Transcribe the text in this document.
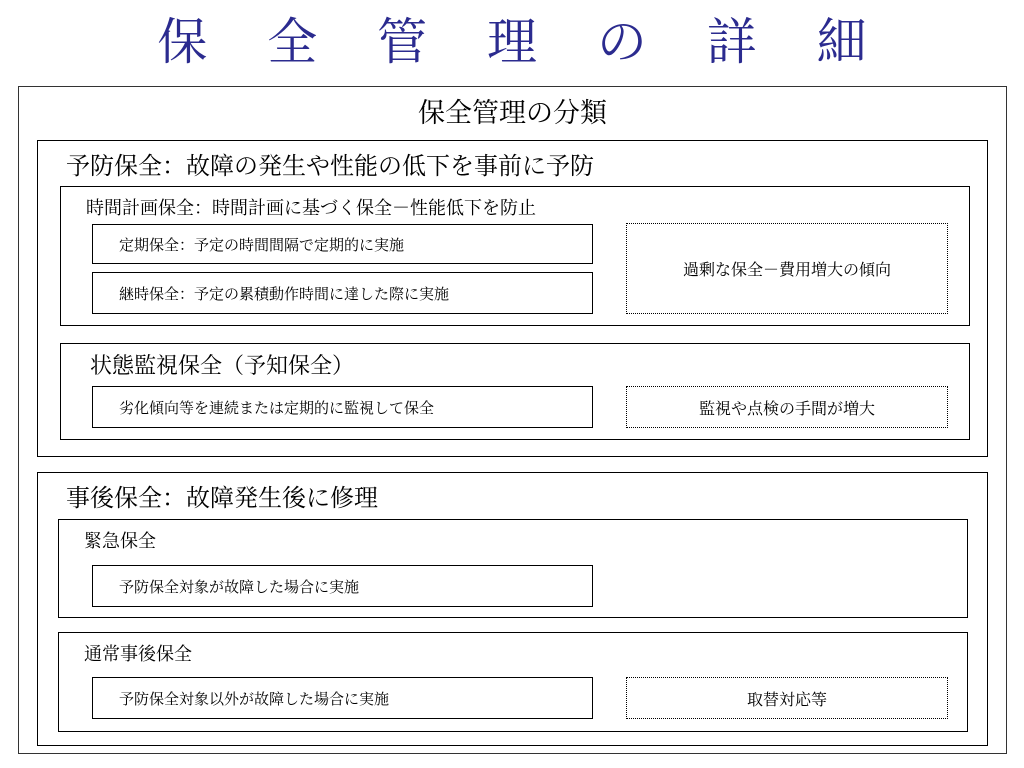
保 全 管 理 の 詳 細
保全管理の分類
予防保全：故障の発生や性能の低下を事前に予防
時間計画保全：時間計画に基づく保全－性能低下を防止
定期保全：予定の時間間隔で定期的に実施
継時保全：予定の累積動作時間に達した際に実施
過剰な保全－費用増大の傾向
状態監視保全（予知保全）
劣化傾向等を連続または定期的に監視して保全	監視や点検の手間が増大
事後保全：故障発生後に修理
緊急保全
予防保全対象が故障した場合に実施
通常事後保全
予防保全対象以外が故障した場合に実施	取替対応等
